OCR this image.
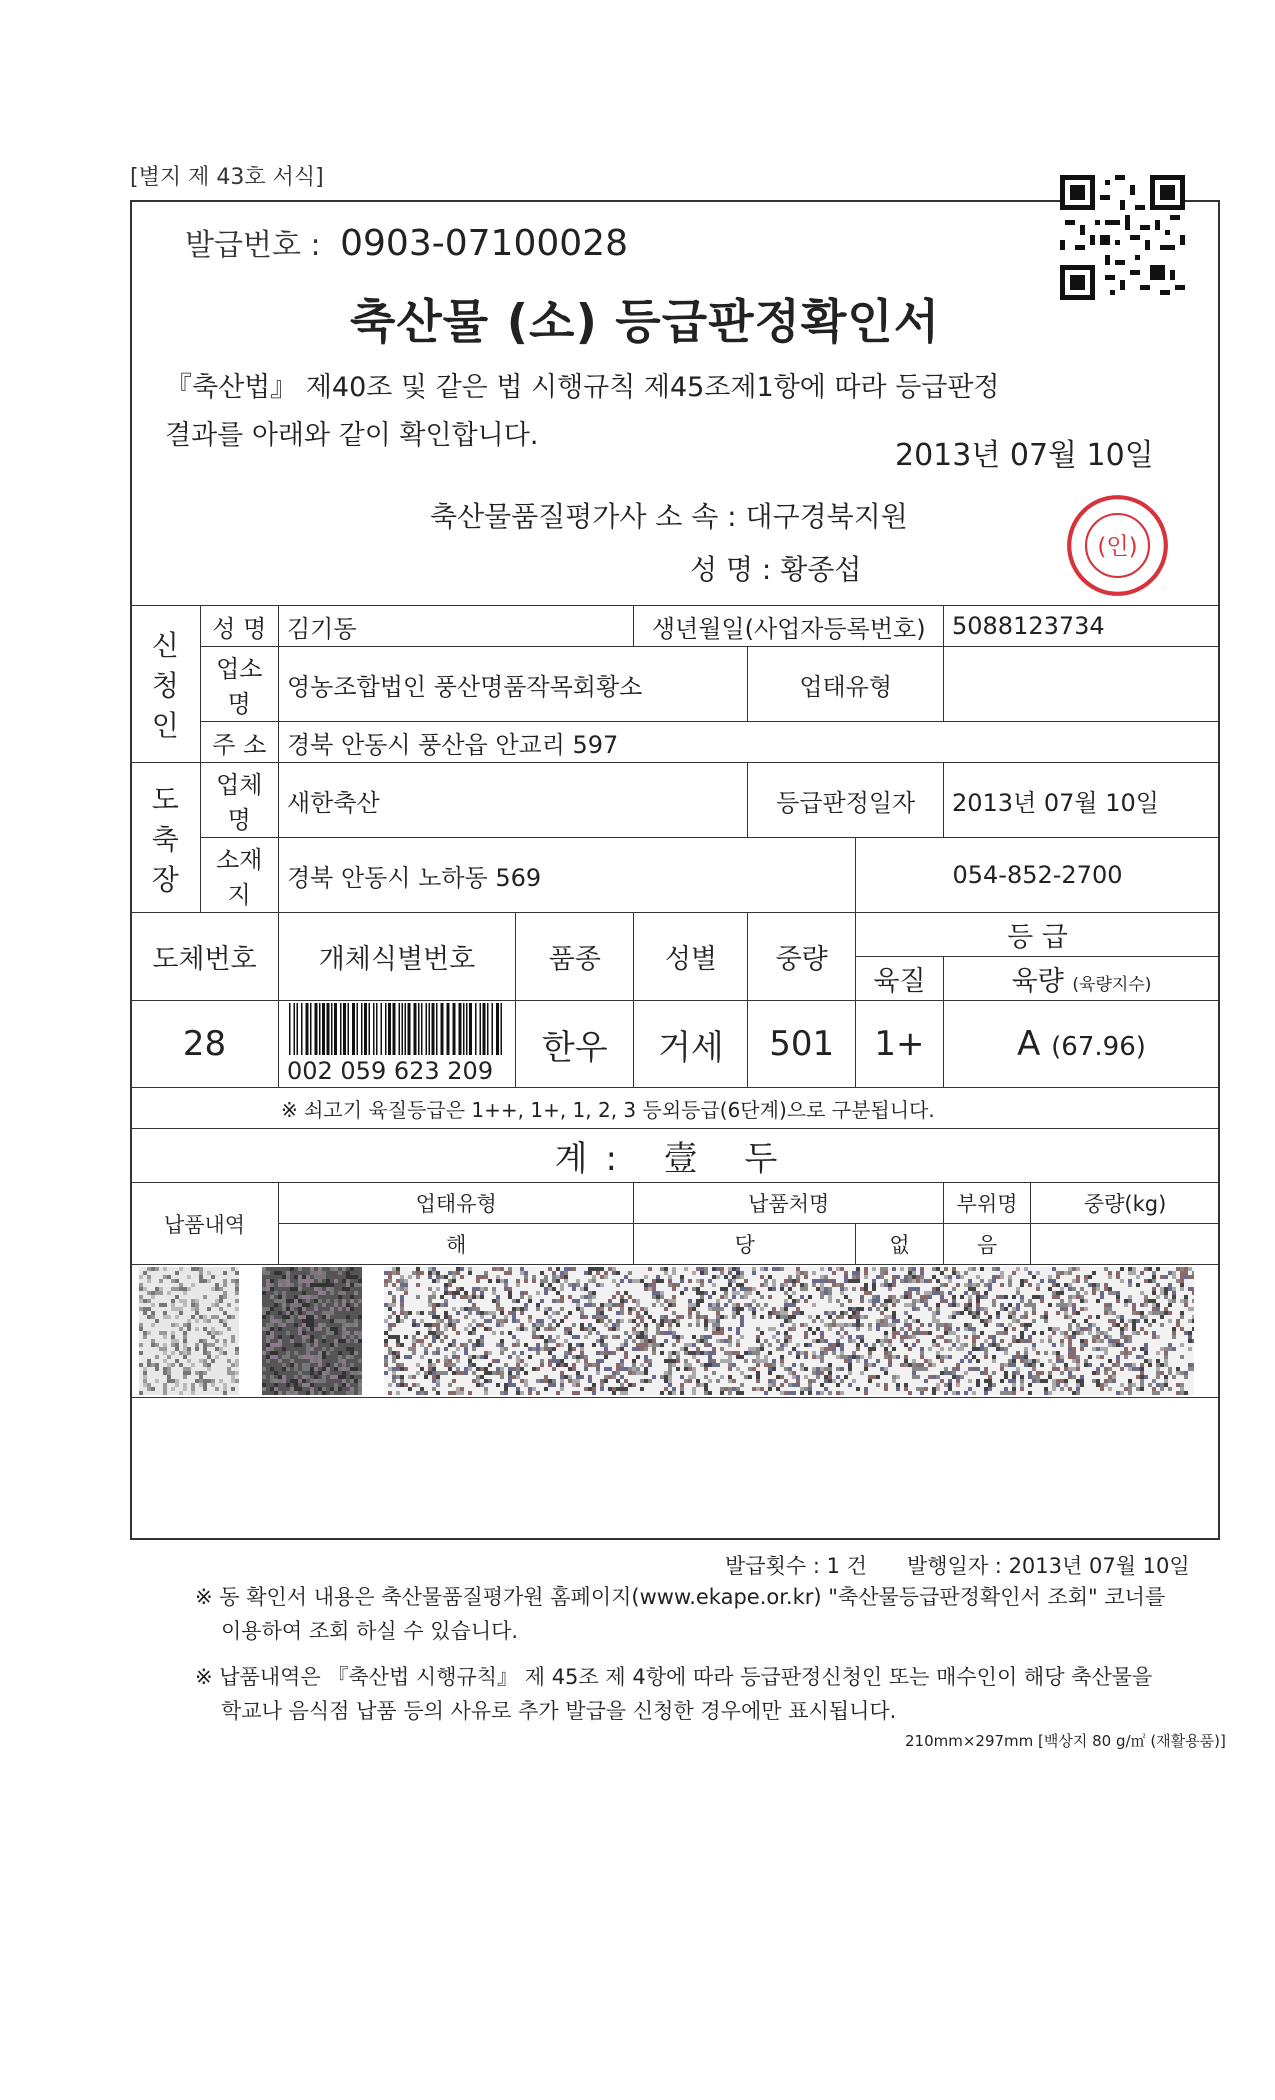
[별지 제 43호 서식]
발급번호 : 0903-07100028
축산물 (소) 등급판정확인서
『축산법』 제40조 및 같은 법 시행규칙 제45조제1항에 따라 등급판정
결과를 아래와 같이 확인합니다.
2013년 07월 10일
축산물품질평가사 소 속 : 대구경북지원
성 명 : 황종섭
(인)
신청인	성 명	김기동		생년월일(사업자등록번호)			5088123734	
	업소명	영농조합법인 풍산명품작목회황소			업태유형			
	주 소	경북 안동시 풍산읍 안교리 597						
도축장	업체명	새한축산			등급판정일자		2013년 07월 10일	
	소재지	경북 안동시 노하동 569				054-852-2700		
도체번호		개체식별번호	품종	성별	중량	등 급		
						육질	육량 (육량지수)	
28		002 059 623 209	한우	거세	501	1+	A (67.96)	
※ 쇠고기 육질등급은 1++, 1+, 1, 2, 3 등외등급(6단계)으로 구분됩니다.								
계: 壹 두								
납품내역		업태유형		납품처명			부위명	중량(kg)
		해		당		없	음	

발급횟수 : 1 건 발행일자 : 2013년 07월 10일
※ 동 확인서 내용은 축산물품질평가원 홈페이지(www.ekape.or.kr) "축산물등급판정확인서 조회" 코너를
이용하여 조회 하실 수 있습니다.
※ 납품내역은 『축산법 시행규칙』 제 45조 제 4항에 따라 등급판정신청인 또는 매수인이 해당 축산물을
학교나 음식점 납품 등의 사유로 추가 발급을 신청한 경우에만 표시됩니다.
210mm×297mm [백상지 80 g/㎡ (재활용품)]
